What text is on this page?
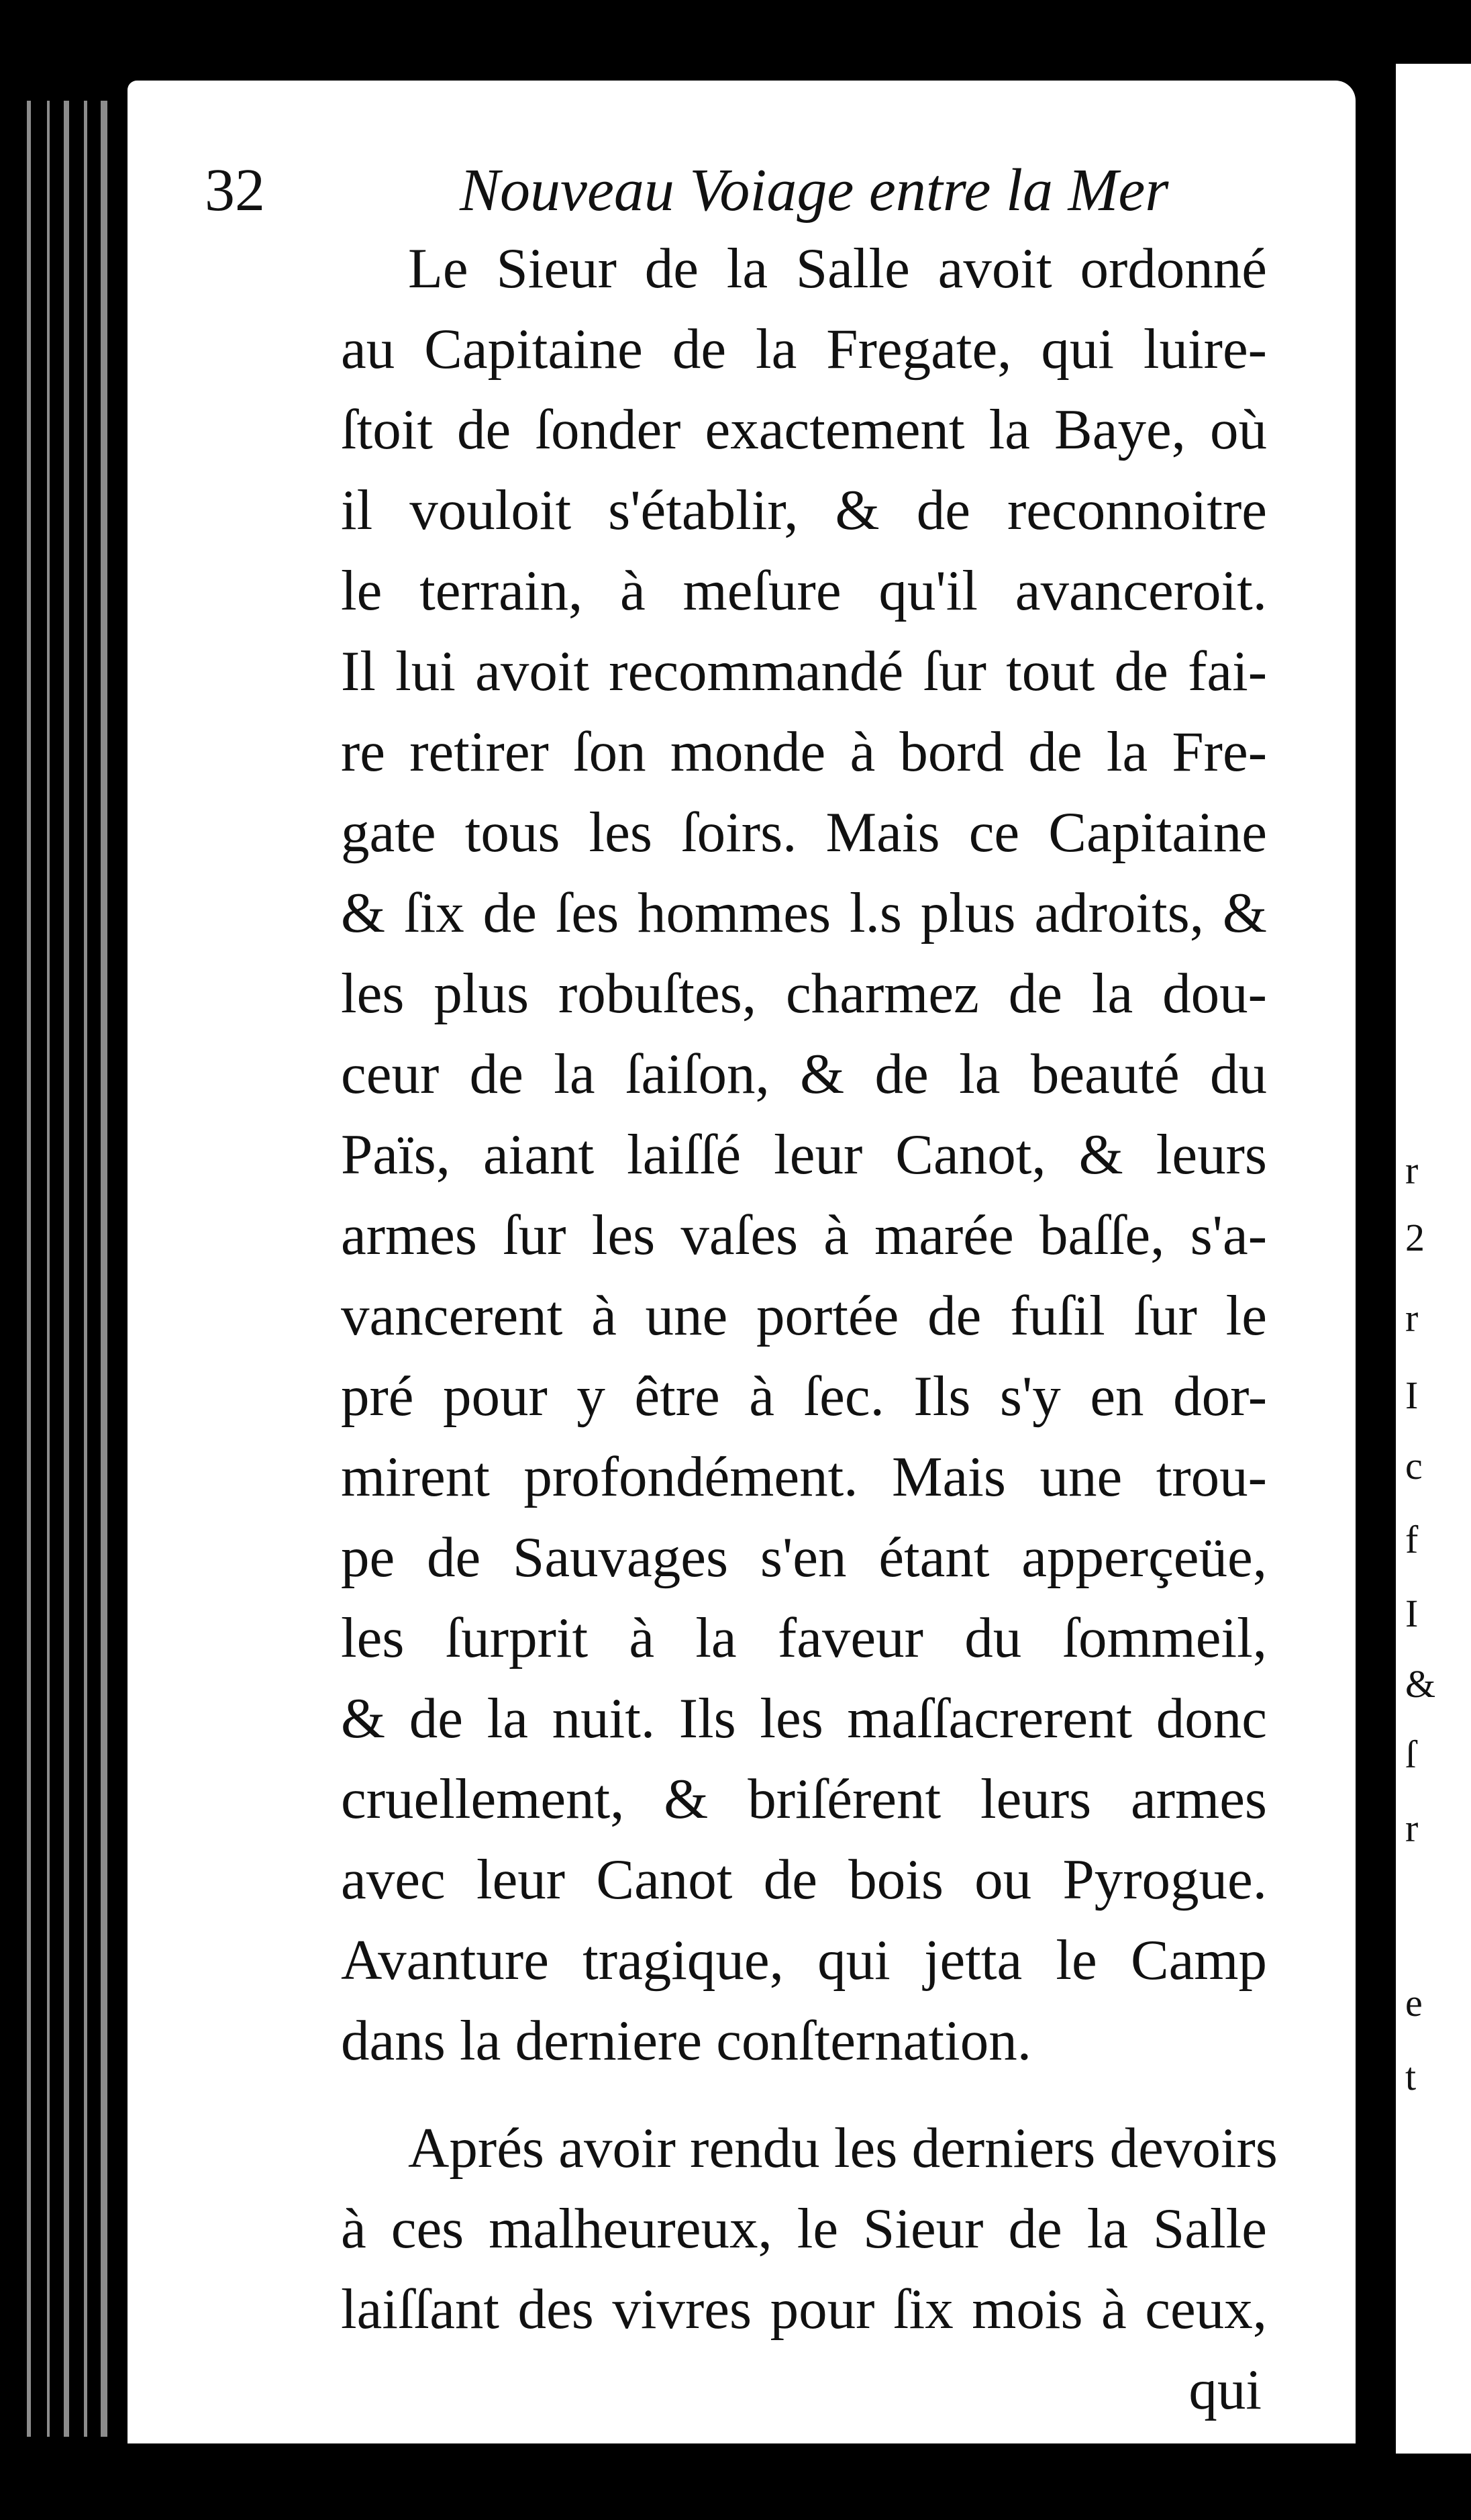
r
2
r
I
c
f
I
&
ſ
r
e
t
32	Nouveau Voiage entre la Mer
Le Sieur de la Salle avoit ordonné
au Capitaine de la Fregate, qui luire-
ſtoit de ſonder exactement la Baye, où
il vouloit s'établir, & de reconnoitre
le terrain, à meſure qu'il avanceroit.
Il lui avoit recommandé ſur tout de fai-
re retirer ſon monde à bord de la Fre-
gate tous les ſoirs. Mais ce Capitaine
& ſix de ſes hommes l.s plus adroits, &
les plus robuſtes, charmez de la dou-
ceur de la ſaiſon, & de la beauté du
Païs, aiant laiſſé leur Canot, & leurs
armes ſur les vaſes à marée baſſe, s'a-
vancerent à une portée de fuſil ſur le
pré pour y être à ſec. Ils s'y en dor-
mirent profondément. Mais une trou-
pe de Sauvages s'en étant apperçeüe,
les ſurprit à la faveur du ſommeil,
& de la nuit. Ils les maſſacrerent donc
cruellement, & briſérent leurs armes
avec leur Canot de bois ou Pyrogue.
Avanture tragique, qui jetta le Camp
dans la derniere conſternation.
Aprés avoir rendu les derniers devoirs
à ces malheureux, le Sieur de la Salle
laiſſant des vivres pour ſix mois à ceux,
qui
